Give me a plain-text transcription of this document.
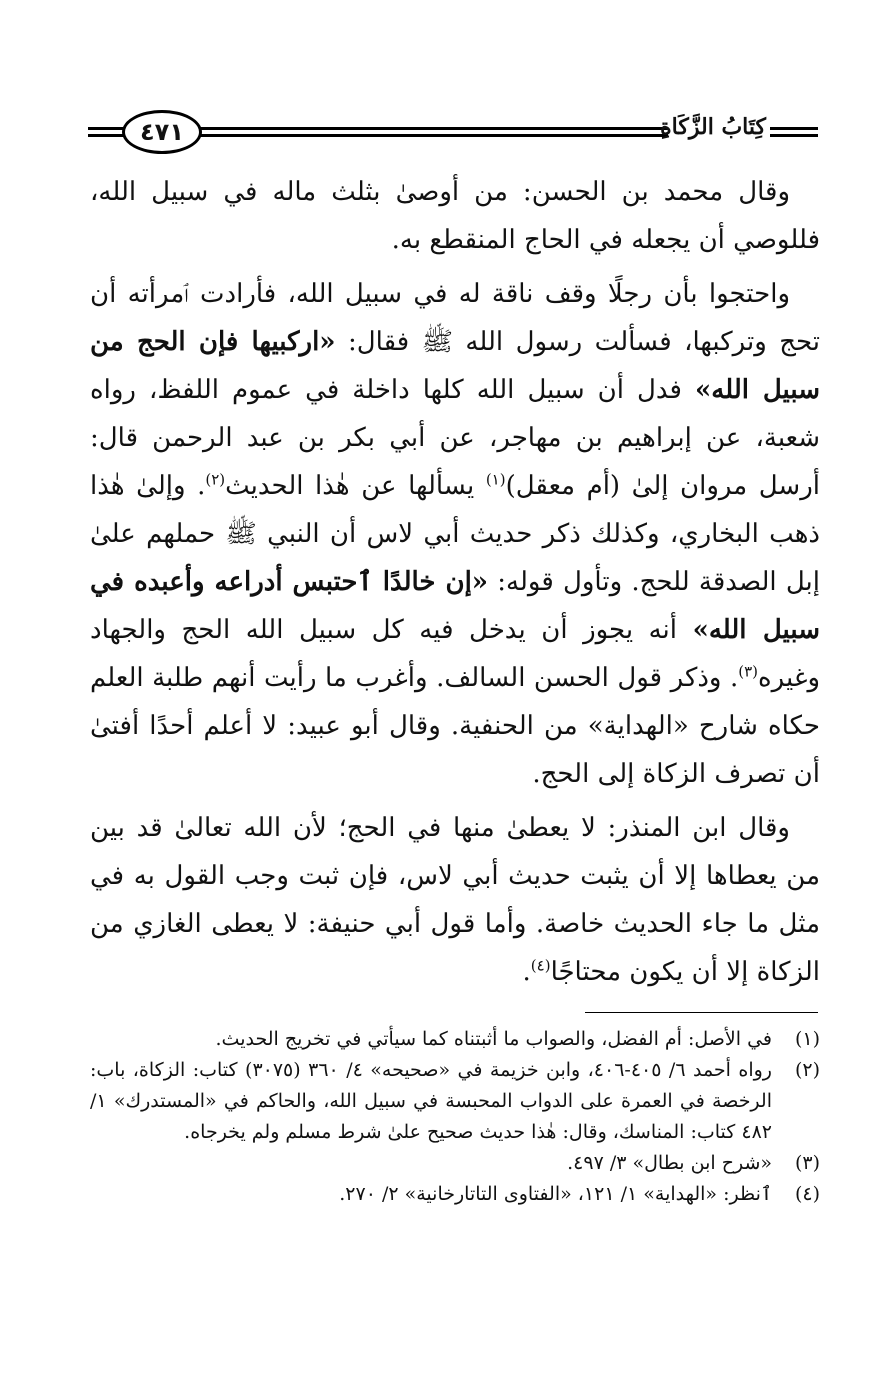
٤٧١	كِتَابُ الزَّكَاةِ

وقال محمد بن الحسن: من أوصىٰ بثلث ماله في سبيل الله، فللوصي أن يجعله في الحاج المنقطع به.

واحتجوا بأن رجلًا وقف ناقة له في سبيل الله، فأرادت ٱمرأته أن تحج وتركبها، فسألت رسول الله ﷺ فقال: «اركبيها فإن الحج من سبيل الله» فدل أن سبيل الله كلها داخلة في عموم اللفظ، رواه شعبة، عن إبراهيم بن مهاجر، عن أبي بكر بن عبد الرحمن قال: أرسل مروان إلىٰ (أم معقل)$^{(١)}$ يسألها عن هٰذا الحديث$^{(٢)}$. وإلىٰ هٰذا ذهب البخاري، وكذلك ذكر حديث أبي لاس أن النبي ﷺ حملهم علىٰ إبل الصدقة للحج. وتأول قوله: «إن خالدًا ٱحتبس أدراعه وأعبده في سبيل الله» أنه يجوز أن يدخل فيه كل سبيل الله الحج والجهاد وغيره$^{(٣)}$. وذكر قول الحسن السالف. وأغرب ما رأيت أنهم طلبة العلم حكاه شارح «الهداية» من الحنفية. وقال أبو عبيد: لا أعلم أحدًا أفتىٰ أن تصرف الزكاة إلى الحج.

وقال ابن المنذر: لا يعطىٰ منها في الحج؛ لأن الله تعالىٰ قد بين من يعطاها إلا أن يثبت حديث أبي لاس، فإن ثبت وجب القول به في مثل ما جاء الحديث خاصة. وأما قول أبي حنيفة: لا يعطى الغازي من الزكاة إلا أن يكون محتاجًا$^{(٤)}$.

(١)
في الأصل: أم الفضل، والصواب ما أثبتناه كما سيأتي في تخريج الحديث.
(٢)
رواه أحمد ٦/ ٤٠٥-٤٠٦، وابن خزيمة في «صحيحه» ٤/ ٣٦٠ (٣٠٧٥) كتاب: الزكاة، باب: الرخصة في العمرة على الدواب المحبسة في سبيل الله، والحاكم في «المستدرك» ١/ ٤٨٢ كتاب: المناسك، وقال: هٰذا حديث صحيح علىٰ شرط مسلم ولم يخرجاه.
(٣)
«شرح ابن بطال» ٣/ ٤٩٧.
(٤)
ٱنظر: «الهداية» ١/ ١٢١، «الفتاوى التاتارخانية» ٢/ ٢٧٠.
